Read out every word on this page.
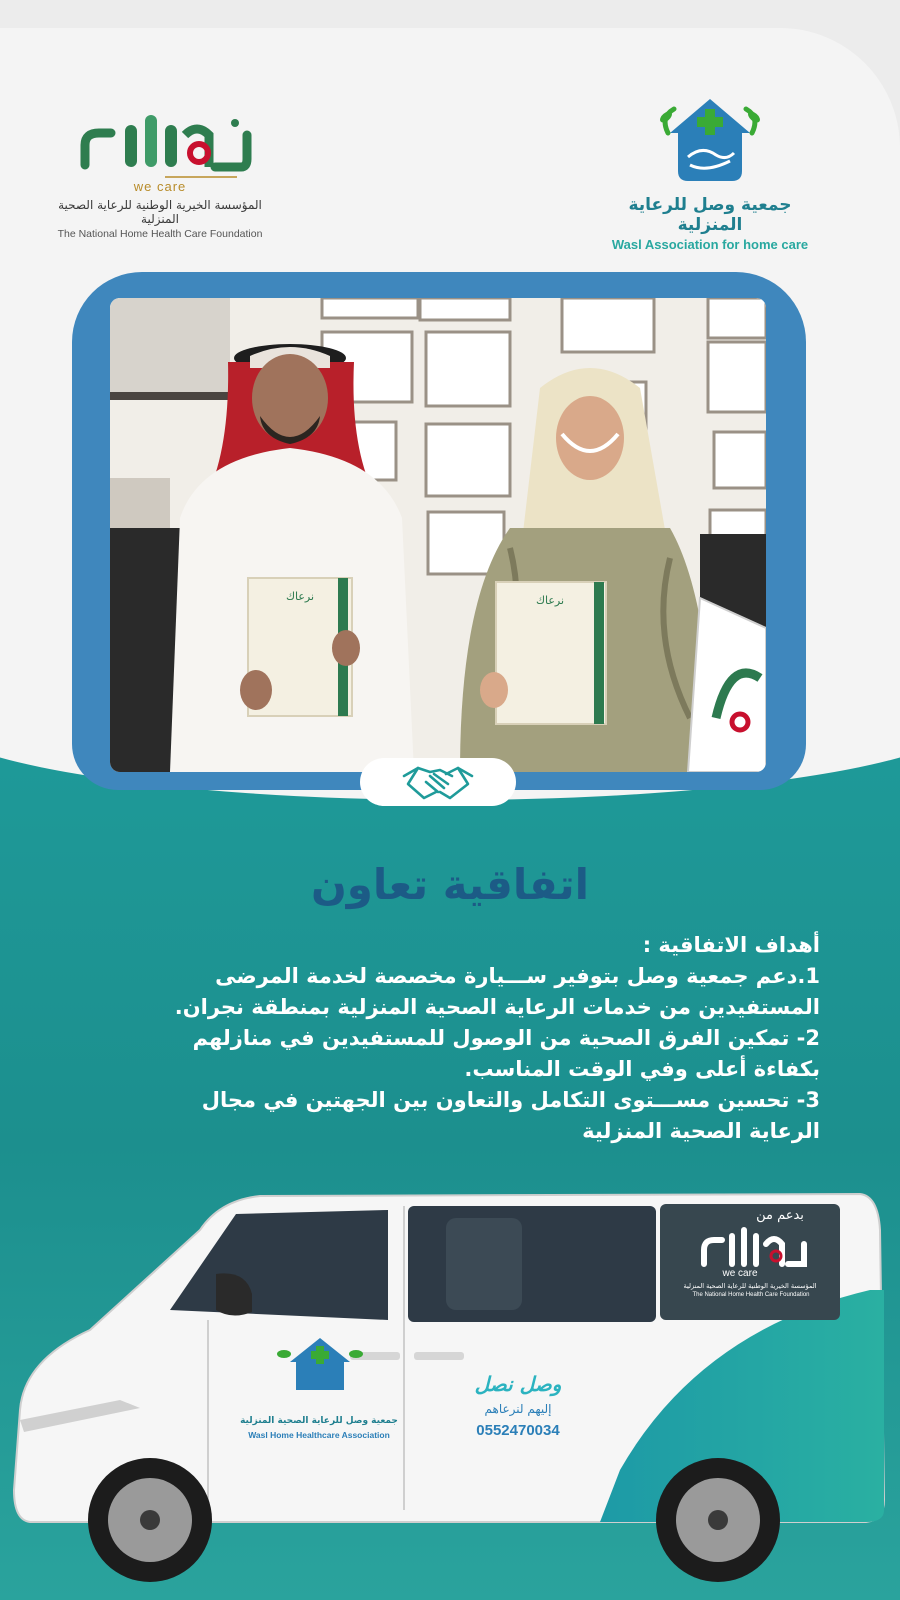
we care
المؤسسة الخيرية الوطنية للرعاية الصحية المنزلية
The National Home Health Care Foundation
جمعية وصل للرعاية المنزلية
Wasl Association for home care
نرعاك	نرعاك
اتفاقية تعاون
أهداف الاتفاقية :
1.دعم جمعية وصل بتوفير ســـيارة مخصصة لخدمة المرضى
المستفيدين من خدمات الرعاية الصحية المنزلية بمنطقة نجران.
2- تمكين الفرق الصحية من الوصول للمستفيدين في منازلهم
بكفاءة أعلى وفي الوقت المناسب.
3- تحسين مســـتوى التكامل والتعاون بين الجهتين في مجال
الرعاية الصحية المنزلية
بدعم من
we care
المؤسسة الخيرية الوطنية للرعاية الصحية المنزلية
The National Home Health Care Foundation
جمعية وصل للرعاية الصحية المنزلية
Wasl Home Healthcare Association
وصل نصل
إليهم لنرعاهم
0552470034
